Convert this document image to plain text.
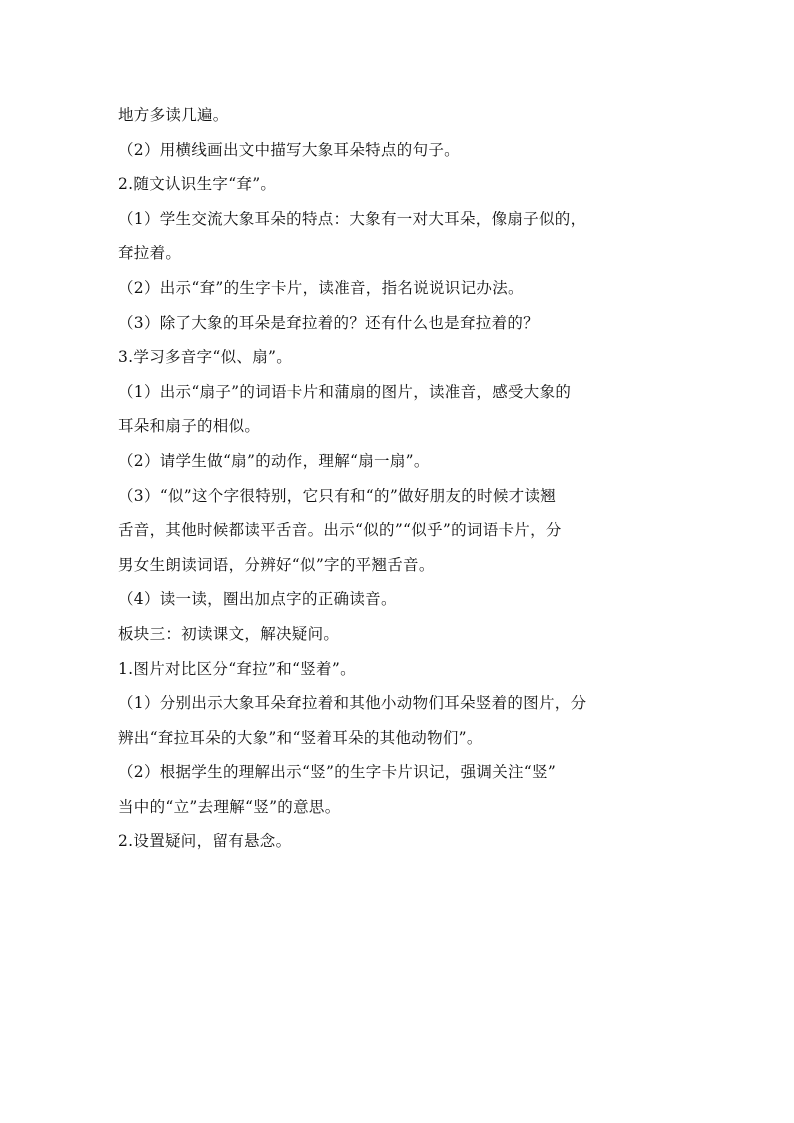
地方多读几遍。
（2）用横线画出文中描写大象耳朵特点的句子。
2.随文认识生字“耷”。
（1）学生交流大象耳朵的特点：大象有一对大耳朵，像扇子似的，
耷拉着。
（2）出示“耷”的生字卡片，读准音，指名说说识记办法。
（3）除了大象的耳朵是耷拉着的？还有什么也是耷拉着的？
3.学习多音字“似、扇”。
（1）出示“扇子”的词语卡片和蒲扇的图片，读准音，感受大象的
耳朵和扇子的相似。
（2）请学生做“扇”的动作，理解“扇一扇”。
（3）“似”这个字很特别，它只有和“的”做好朋友的时候才读翘
舌音，其他时候都读平舌音。出示“似的”“似乎”的词语卡片，分
男女生朗读词语，分辨好“似”字的平翘舌音。
（4）读一读，圈出加点字的正确读音。
板块三：初读课文，解决疑问。
1.图片对比区分“耷拉”和“竖着”。
（1）分别出示大象耳朵耷拉着和其他小动物们耳朵竖着的图片，分
辨出“耷拉耳朵的大象”和“竖着耳朵的其他动物们”。
（2）根据学生的理解出示“竖”的生字卡片识记，强调关注“竖”
当中的“立”去理解“竖”的意思。
2.设置疑问，留有悬念。
